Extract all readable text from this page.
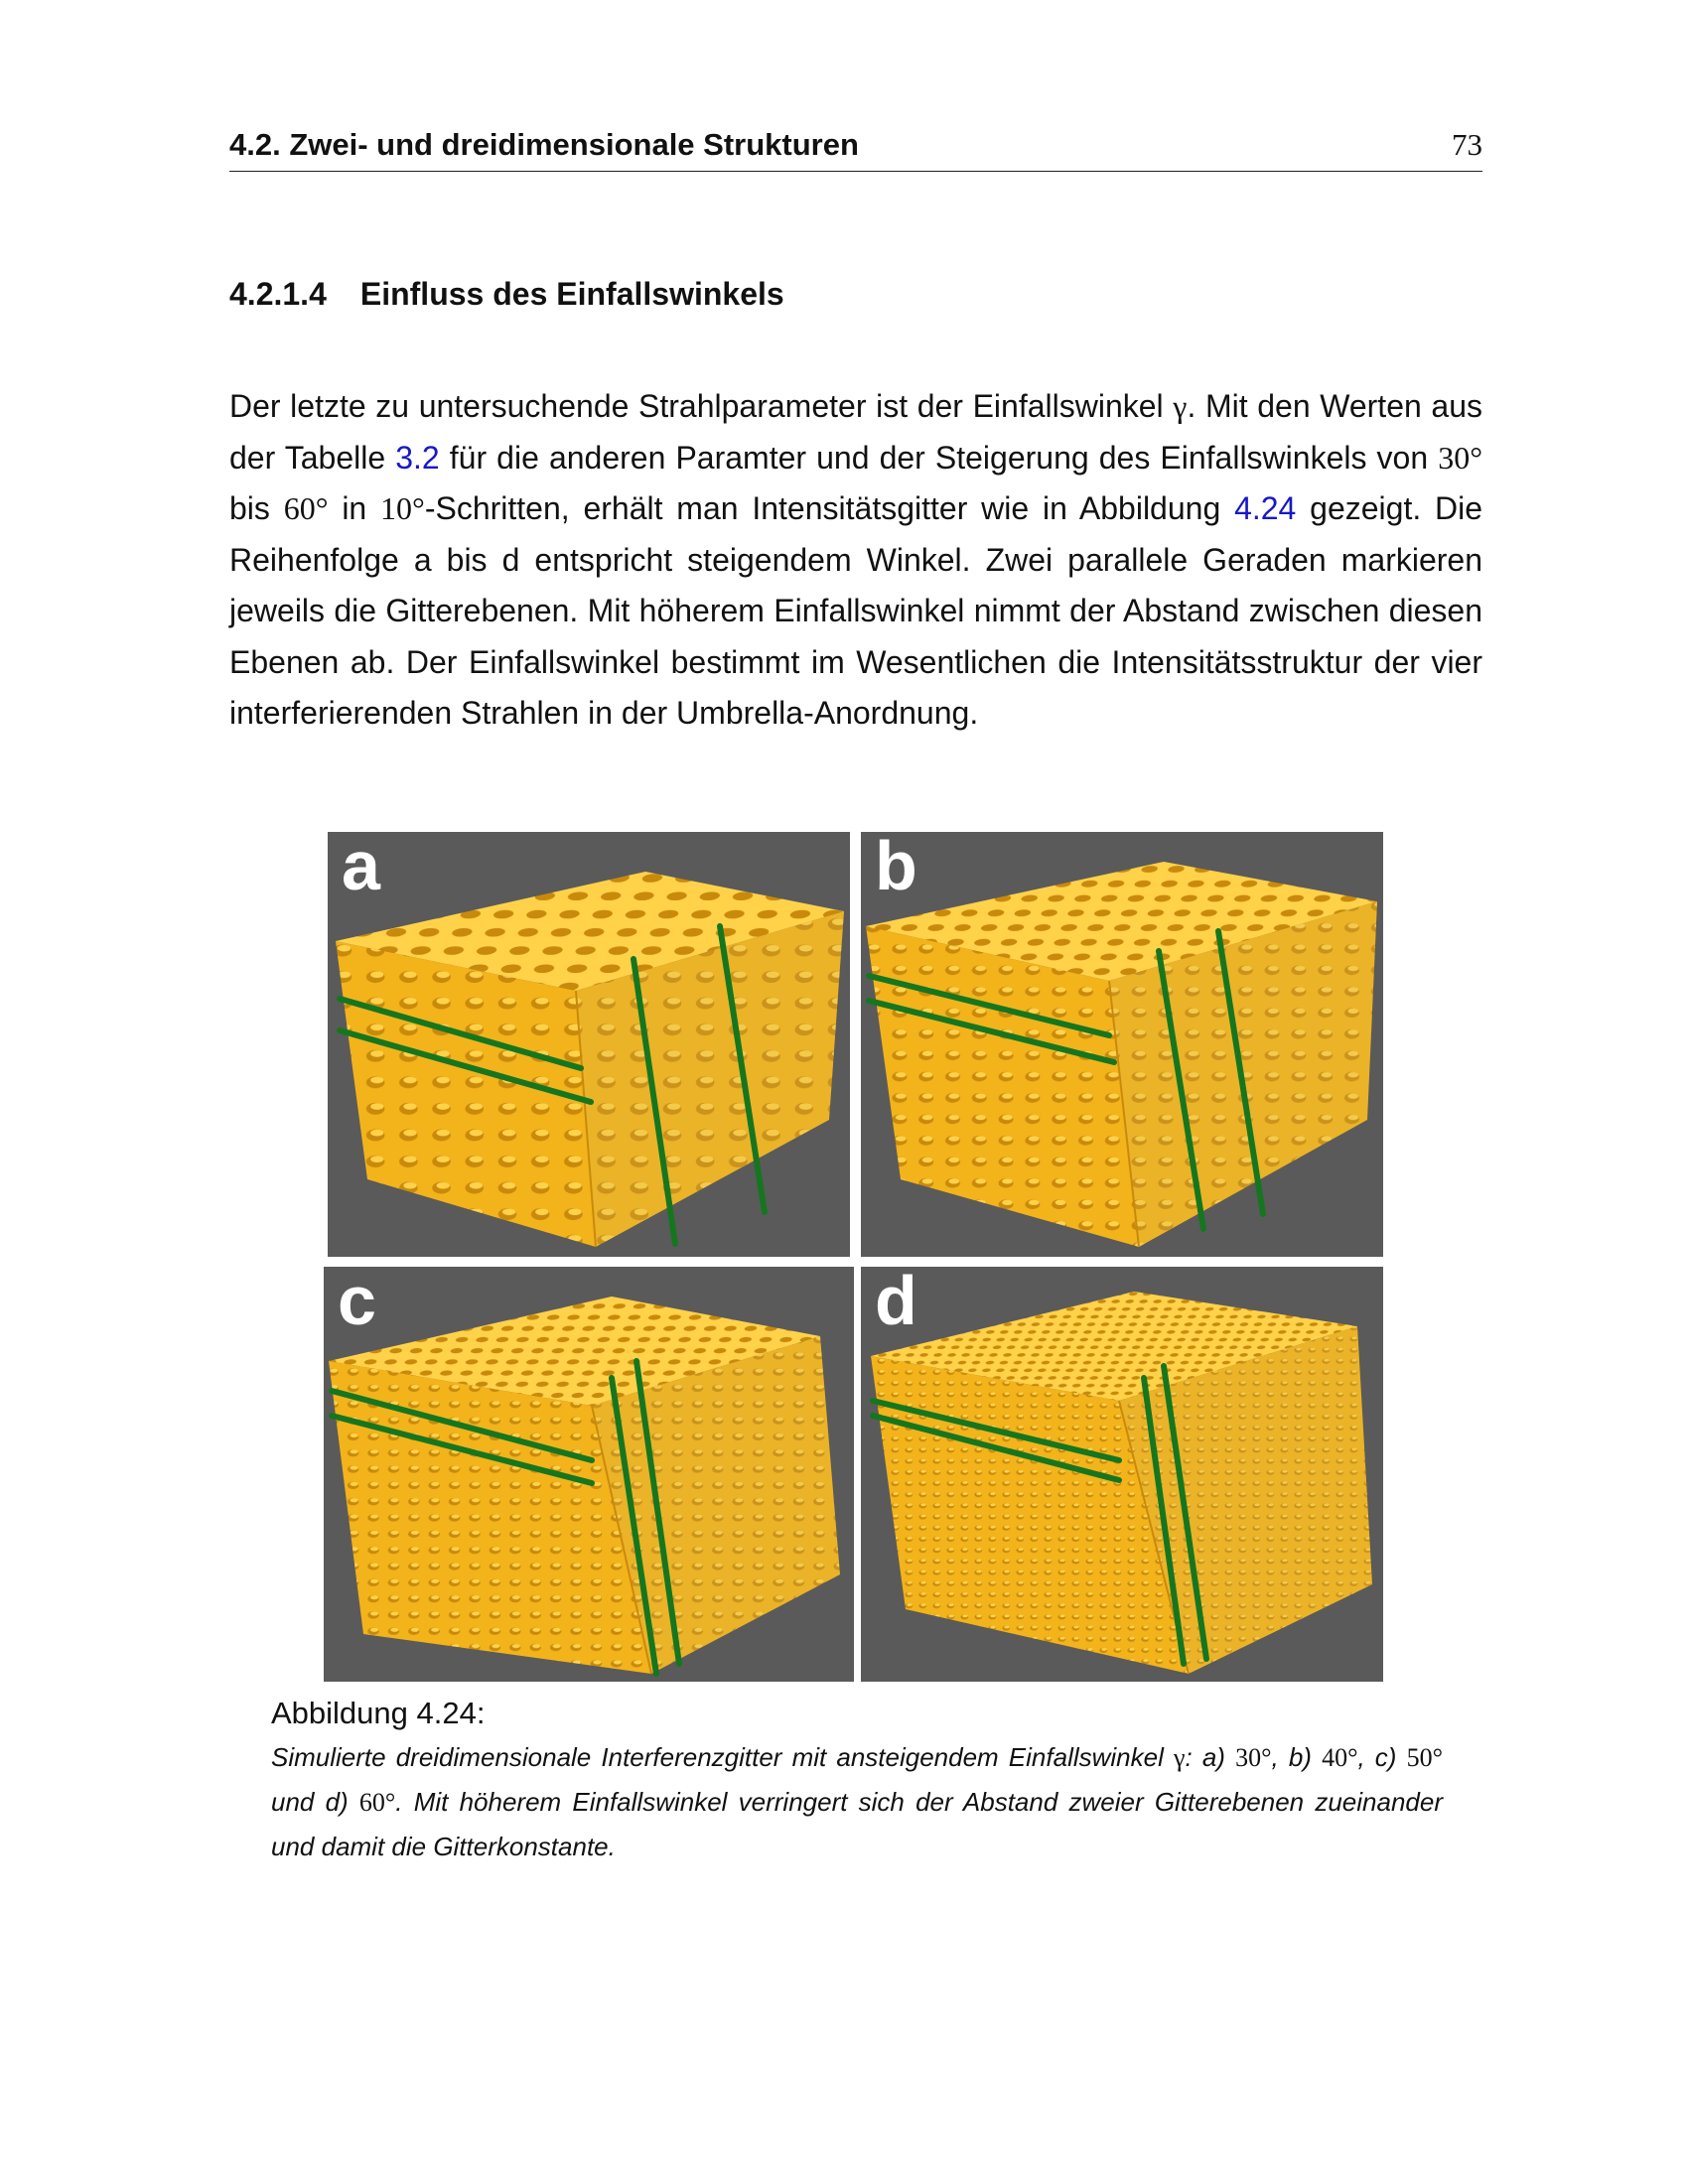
4.2. Zwei- und dreidimensionale Strukturen	73
4.2.1.4 Einfluss des Einfallswinkels
Der letzte zu untersuchende Strahlparameter ist der Einfallswinkel γ. Mit den Werten aus der Tabelle 3.2 für die anderen Paramter und der Steigerung des Einfallswinkels von 30° bis 60° in 10°-Schritten, erhält man Intensitätsgitter wie in Abbildung 4.24 gezeigt. Die Reihenfolge a bis d entspricht steigendem Winkel. Zwei parallele Geraden markieren jeweils die Gitterebenen. Mit höherem Einfallswinkel nimmt der Abstand zwischen diesen Ebenen ab. Der Einfallswinkel bestimmt im Wesentlichen die Intensitätsstruktur der vier interferierenden Strahlen in der Umbrella-Anordnung.
a	b
c	d
Abbildung 4.24:
Simulierte dreidimensionale Interferenzgitter mit ansteigendem Einfallswinkel γ: a) 30°, b) 40°, c) 50° und d) 60°. Mit höherem Einfallswinkel verringert sich der Abstand zweier Gitterebenen zueinander und damit die Gitterkonstante.
